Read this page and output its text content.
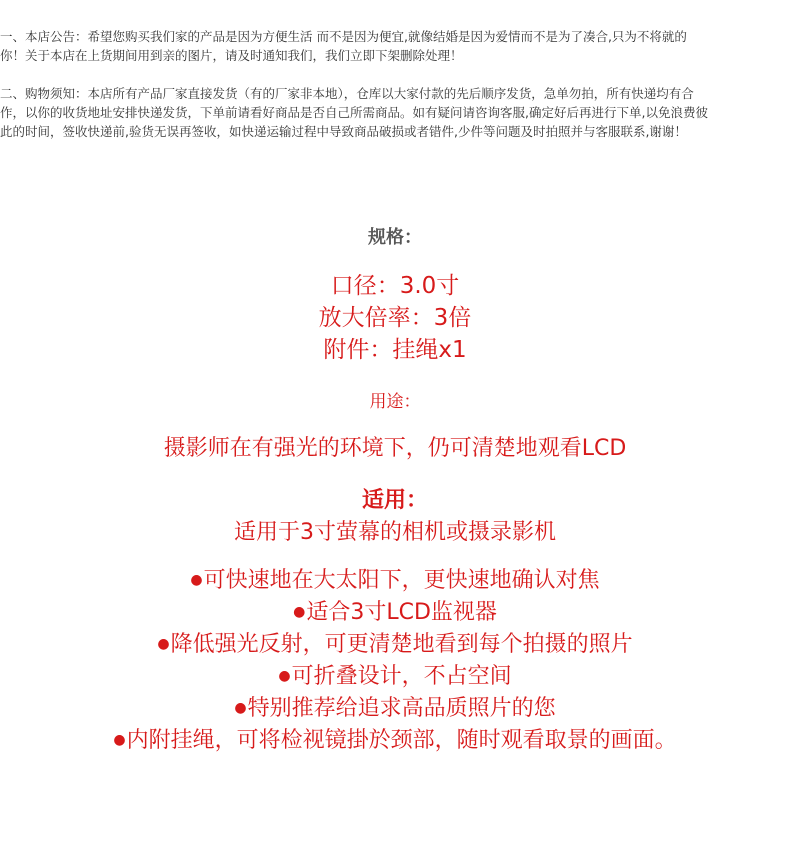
一、本店公告：希望您购买我们家的产品是因为方便生活 而不是因为便宜,就像结婚是因为爱情而不是为了凑合,只为不将就的
你！关于本店在上货期间用到亲的图片，请及时通知我们，我们立即下架删除处理！
二、购物须知：本店所有产品厂家直接发货（有的厂家非本地），仓库以大家付款的先后顺序发货，急单勿拍，所有快递均有合
作，以你的收货地址安排快递发货，下单前请看好商品是否自己所需商品。如有疑问请咨询客服,确定好后再进行下单,以免浪费彼
此的时间，签收快递前,验货无误再签收，如快递运输过程中导致商品破损或者错件,少件等问题及时拍照并与客服联系,谢谢！
规格：
口径：3.0寸
放大倍率：3倍
附件：挂绳x1
用途：
摄影师在有强光的环境下，仍可清楚地观看LCD
适用：
适用于3寸萤幕的相机或摄录影机
●可快速地在大太阳下，更快速地确认对焦
●适合3寸LCD监视器
●降低强光反射，可更清楚地看到每个拍摄的照片
●可折叠设计，不占空间
●特别推荐给追求高品质照片的您
●内附挂绳，可将检视镜掛於颈部，随时观看取景的画面。
